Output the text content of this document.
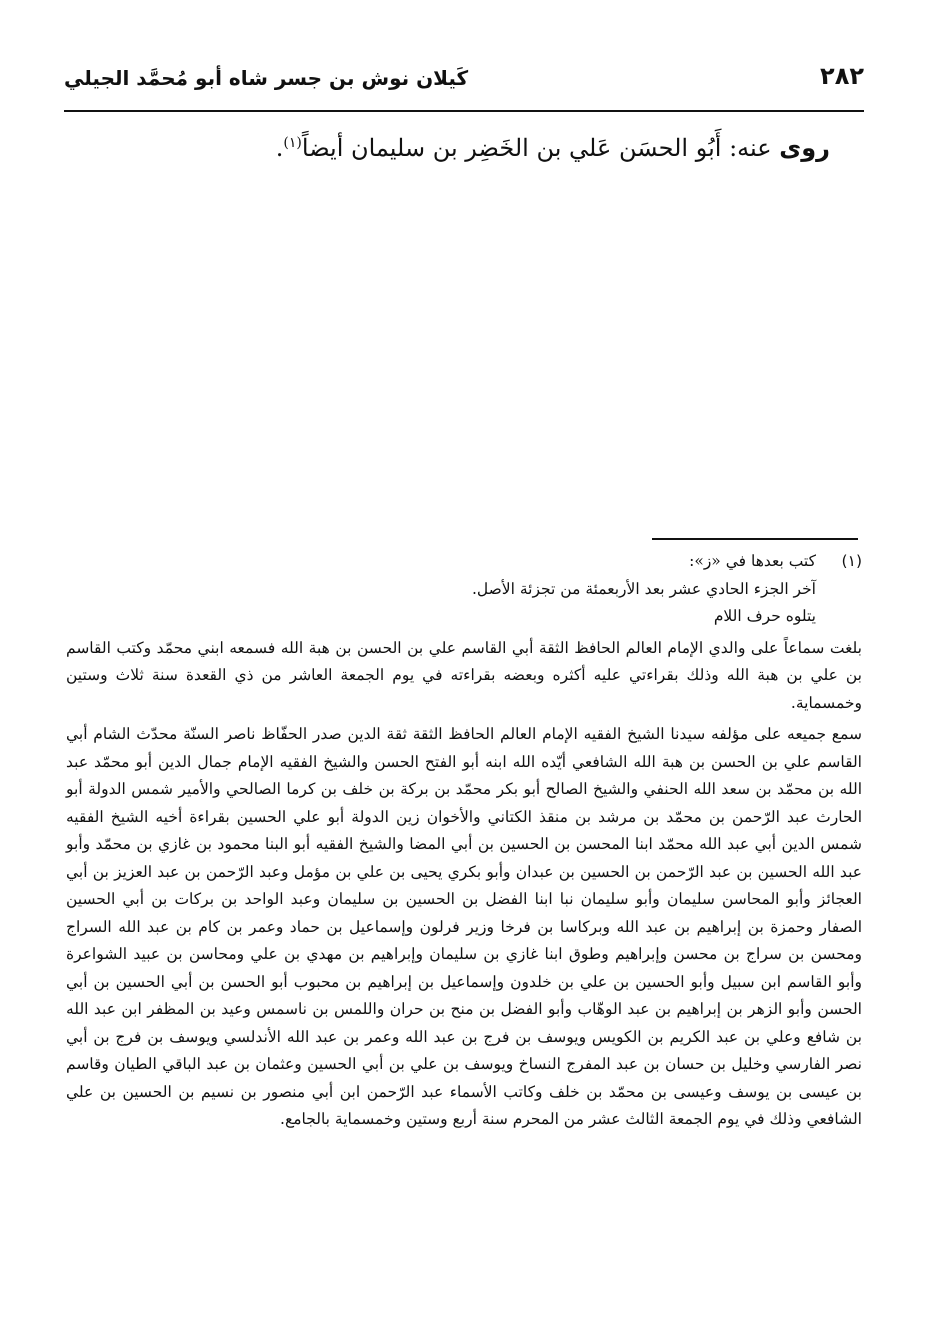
٢٨٢
كَيلان نوش بن جسر شاه أبو مُحمَّد الجيلي
روى عنه: أَبُو الحسَن عَلي بن الخَضِر بن سليمان أيضاً$^{(١)}$.
(١)
كتب بعدها في «ز»:

آخر الجزء الحادي عشر بعد الأربعمئة من تجزئة الأصل.

يتلوه حرف اللام

بلغت سماعاً على والدي الإمام العالم الحافظ الثقة أبي القاسم علي بن الحسن بن هبة الله فسمعه ابني محمّد وكتب القاسم بن علي بن هبة الله وذلك بقراءتي عليه أكثره وبعضه بقراءته في يوم الجمعة العاشر من ذي القعدة سنة ثلاث وستين وخمسماية.

سمع جميعه على مؤلفه سيدنا الشيخ الفقيه الإمام العالم الحافظ الثقة ثقة الدين صدر الحفّاظ ناصر السنّة محدّث الشام أبي القاسم علي بن الحسن بن هبة الله الشافعي أيّده الله ابنه أبو الفتح الحسن والشيخ الفقيه الإمام جمال الدين أبو محمّد عبد الله بن محمّد بن سعد الله الحنفي والشيخ الصالح أبو بكر محمّد بن بركة بن خلف بن كرما الصالحي والأمير شمس الدولة أبو الحارث عبد الرّحمن بن محمّد بن مرشد بن منقذ الكتاني والأخوان زين الدولة أبو علي الحسين بقراءة أخيه الشيخ الفقيه شمس الدين أبي عبد الله محمّد ابنا المحسن بن الحسين بن أبي المضا والشيخ الفقيه أبو البنا محمود بن غازي بن محمّد وأبو عبد الله الحسين بن عبد الرّحمن بن الحسين بن عبدان وأبو بكري يحيى بن علي بن مؤمل وعبد الرّحمن بن عبد العزيز بن أبي العجائز وأبو المحاسن سليمان وأبو سليمان نبا ابنا الفضل بن الحسين بن سليمان وعبد الواحد بن بركات بن أبي الحسين الصفار وحمزة بن إبراهيم بن عبد الله وبركاسا بن فرخا وزير فرلون وإسماعيل بن حماد وعمر بن كام بن عبد الله السراج ومحسن بن سراج بن محسن وإبراهيم وطوق ابنا غازي بن سليمان وإبراهيم بن مهدي بن علي ومحاسن بن عبيد الشواعرة وأبو القاسم ابن سبيل وأبو الحسين بن علي بن خلدون وإسماعيل بن إبراهيم بن محبوب أبو الحسن بن أبي الحسين بن أبي الحسن وأبو الزهر بن إبراهيم بن عبد الوهّاب وأبو الفضل بن منح بن حران واللمس بن ناسمس وعيد بن المظفر ابن عبد الله بن شافع وعلي بن عبد الكريم بن الكويس ويوسف بن فرج بن عبد الله وعمر بن عبد الله الأندلسي ويوسف بن فرج بن أبي نصر الفارسي وخليل بن حسان بن عبد المفرج النساخ ويوسف بن علي بن أبي الحسين وعثمان بن عبد الباقي الطيان وقاسم بن عيسى بن يوسف وعيسى بن محمّد بن خلف وكاتب الأسماء عبد الرّحمن ابن أبي منصور بن نسيم بن الحسين بن علي الشافعي وذلك في يوم الجمعة الثالث عشر من المحرم سنة أربع وستين وخمسماية بالجامع.
